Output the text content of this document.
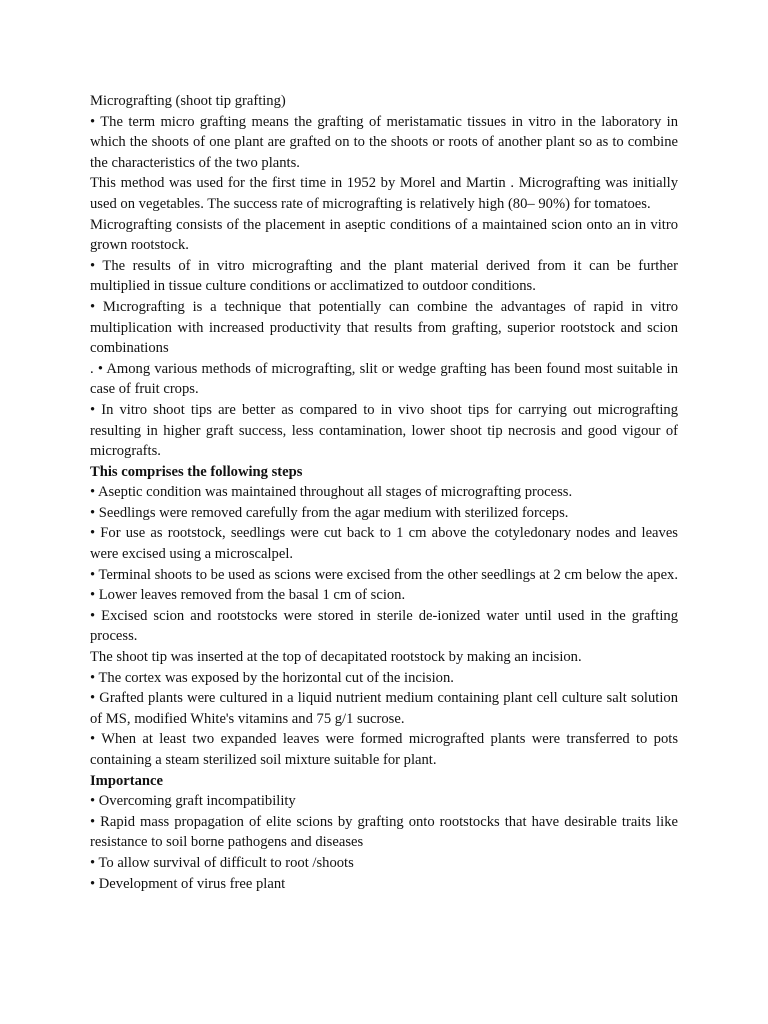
Micrografting (shoot tip grafting)

• The term micro grafting means the grafting of meristamatic tissues in vitro in the laboratory in which the shoots of one plant are grafted on to the shoots or roots of another plant so as to combine the characteristics of the two plants.

This method was used for the first time in 1952 by Morel and Martin . Micrografting was initially used on vegetables. The success rate of micrografting is relatively high (80– 90%) for tomatoes.

Micrografting consists of the placement in aseptic conditions of a maintained scion onto an in vitro grown rootstock.

• The results of in vitro micrografting and the plant material derived from it can be further multiplied in tissue culture conditions or acclimatized to outdoor conditions.

• Mıcrografting is a technique that potentially can combine the advantages of rapid in vitro multiplication with increased productivity that results from grafting, superior rootstock and scion combinations

. • Among various methods of micrografting, slit or wedge grafting has been found most suitable in case of fruit crops.

• In vitro shoot tips are better as compared to in vivo shoot tips for carrying out micrografting resulting in higher graft success, less contamination, lower shoot tip necrosis and good vigour of micrografts.

This comprises the following steps

• Aseptic condition was maintained throughout all stages of micrografting process.

• Seedlings were removed carefully from the agar medium with sterilized forceps.

• For use as rootstock, seedlings were cut back to 1 cm above the cotyledonary nodes and leaves were excised using a microscalpel.

• Terminal shoots to be used as scions were excised from the other seedlings at 2 cm below the apex. • Lower leaves removed from the basal 1 cm of scion.

• Excised scion and rootstocks were stored in sterile de-ionized water until used in the grafting process.

The shoot tip was inserted at the top of decapitated rootstock by making an incision.

• The cortex was exposed by the horizontal cut of the incision.

• Grafted plants were cultured in a liquid nutrient medium containing plant cell culture salt solution of MS, modified White's vitamins and 75 g/1 sucrose.

• When at least two expanded leaves were formed micrografted plants were transferred to pots containing a steam sterilized soil mixture suitable for plant.

Importance

• Overcoming graft incompatibility

• Rapid mass propagation of elite scions by grafting onto rootstocks that have desirable traits like resistance to soil borne pathogens and diseases

• To allow survival of difficult to root /shoots

• Development of virus free plant
